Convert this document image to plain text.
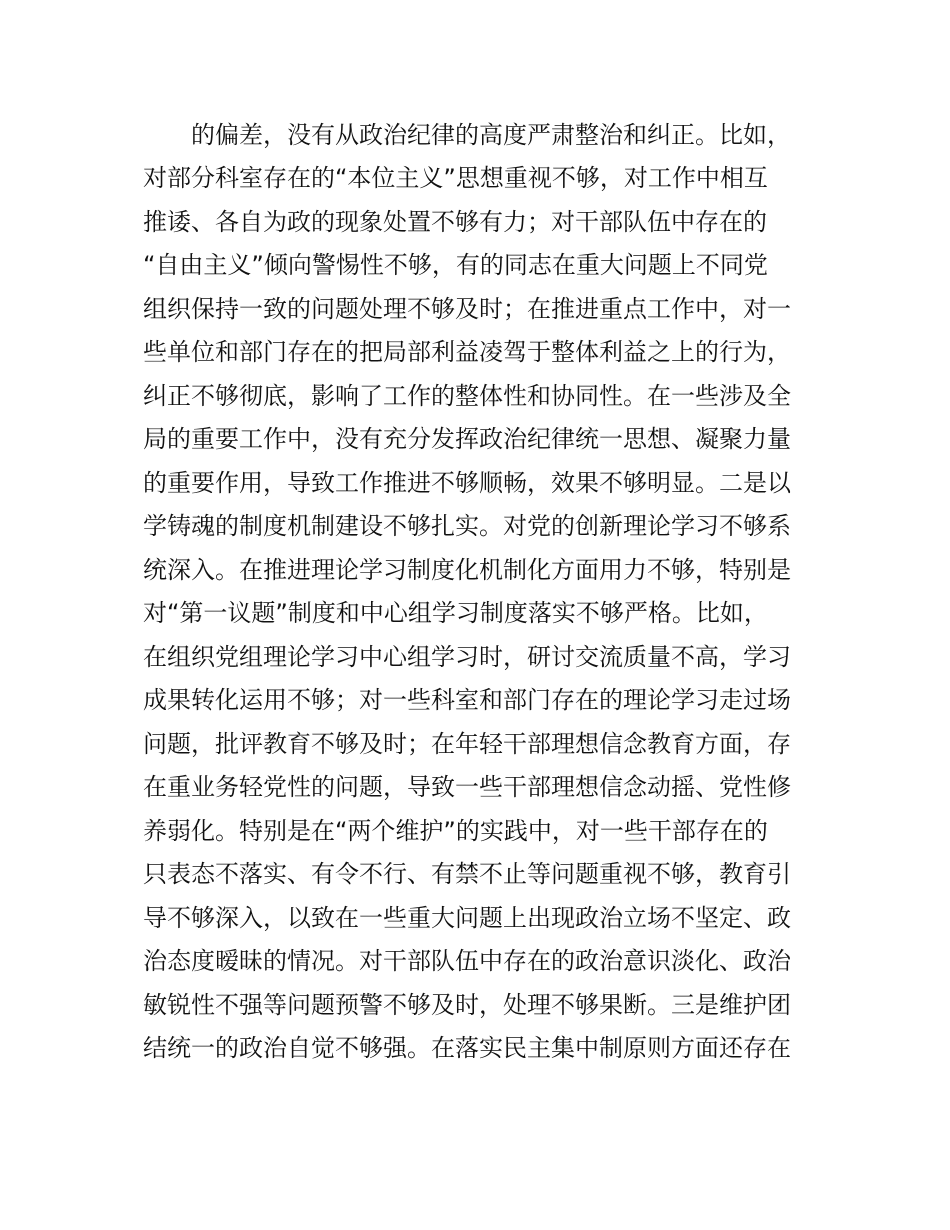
的偏差，没有从政治纪律的高度严肃整治和纠正。比如，

对部分科室存在的“本位主义”思想重视不够，对工作中相互

推诿、各自为政的现象处置不够有力；对干部队伍中存在的

“自由主义”倾向警惕性不够，有的同志在重大问题上不同党

组织保持一致的问题处理不够及时；在推进重点工作中，对一

些单位和部门存在的把局部利益凌驾于整体利益之上的行为，

纠正不够彻底，影响了工作的整体性和协同性。在一些涉及全

局的重要工作中，没有充分发挥政治纪律统一思想、凝聚力量

的重要作用，导致工作推进不够顺畅，效果不够明显。二是以

学铸魂的制度机制建设不够扎实。对党的创新理论学习不够系

统深入。在推进理论学习制度化机制化方面用力不够，特别是

对“第一议题”制度和中心组学习制度落实不够严格。比如，

在组织党组理论学习中心组学习时，研讨交流质量不高，学习

成果转化运用不够；对一些科室和部门存在的理论学习走过场

问题，批评教育不够及时；在年轻干部理想信念教育方面，存

在重业务轻党性的问题，导致一些干部理想信念动摇、党性修

养弱化。特别是在“两个维护”的实践中，对一些干部存在的

只表态不落实、有令不行、有禁不止等问题重视不够，教育引

导不够深入，以致在一些重大问题上出现政治立场不坚定、政

治态度暧昧的情况。对干部队伍中存在的政治意识淡化、政治

敏锐性不强等问题预警不够及时，处理不够果断。三是维护团

结统一的政治自觉不够强。在落实民主集中制原则方面还存在
